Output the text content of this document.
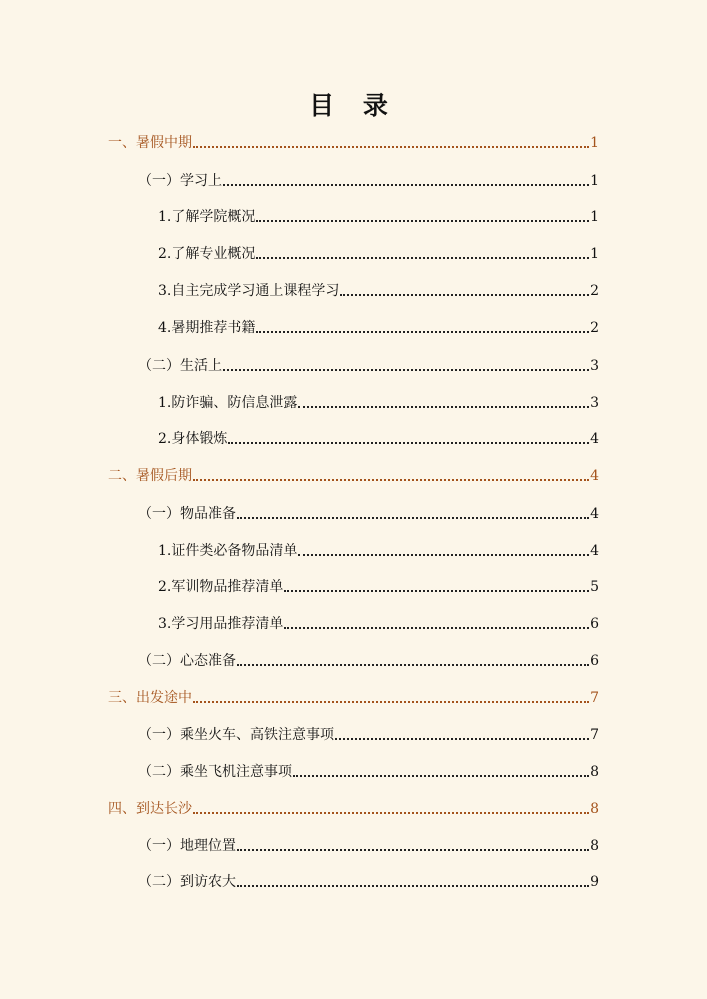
目 录
一、暑假中期	1
（一）学习上	1
1.了解学院概况	1
2.了解专业概况	1
3.自主完成学习通上课程学习	2
4.暑期推荐书籍	2
（二）生活上	3
1.防诈骗、防信息泄露	3
2.身体锻炼	4
二、暑假后期	4
（一）物品准备	4
1.证件类必备物品清单	4
2.军训物品推荐清单	5
3.学习用品推荐清单	6
（二）心态准备	6
三、出发途中	7
（一）乘坐火车、高铁注意事项	7
（二）乘坐飞机注意事项	8
四、到达长沙	8
（一）地理位置	8
（二）到访农大	9
